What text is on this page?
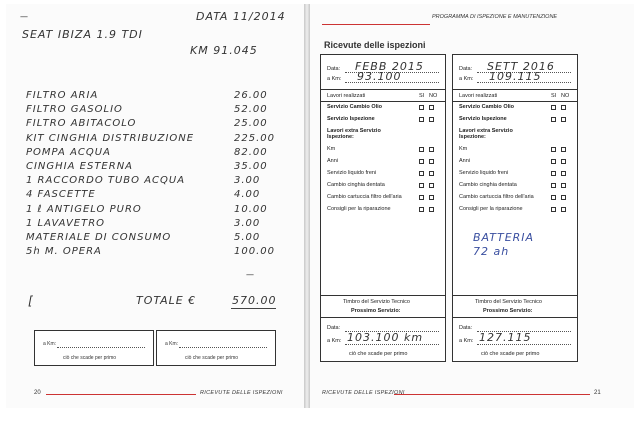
—	DATA 11/2014
SEAT IBIZA 1.9 TDI
KM 91.045
FILTRO ARIA	26.00
FILTRO GASOLIO	52.00
FILTRO ABITACOLO	25.00
KIT CINGHIA DISTRIBUZIONE	225.00
POMPA ACQUA	82.00
CINGHIA ESTERNA	35.00
1 RACCORDO TUBO ACQUA	3.00
4 FASCETTE	4.00
1 ℓ ANTIGELO PURO	10.00
1 LAVAVETRO	3.00
MATERIALE DI CONSUMO	5.00
5h M. OPERA	100.00
—
[	TOTALE €	570.00
a Km:
ciò che scade per primo
a Km:
ciò che scade per primo
20	RICEVUTE DELLE ISPEZIONI
PROGRAMMA DI ISPEZIONE E MANUTENZIONE
Ricevute delle ispezioni
Data: FEBB 2015
a Km: 93.100
Lavori realizzati	SI NO
Servizio Cambio Olio
Servizio Ispezione
Lavori extra Servizio Ispezione:
Km
Anni
Servizio liquido freni
Cambio cinghia dentata
Cambio cartuccia filtro dell'aria
Consigli per la riparazione
Timbro del Servizio Tecnico
Prossimo Servizio:
Data:
a Km: 103.100 km
ciò che scade per primo
Data: SETT 2016
a Km: 109.115
Lavori realizzati	SI NO
Servizio Cambio Olio
Servizio Ispezione
Lavori extra Servizio Ispezione:
Km
Anni
Servizio liquido freni
Cambio cinghia dentata
Cambio cartuccia filtro dell'aria
Consigli per la riparazione
BATTERIA 72 ah
Timbro del Servizio Tecnico
Prossimo Servizio:
Data:
a Km: 127.115
ciò che scade per primo
RICEVUTE DELLE ISPEZIONI	21
